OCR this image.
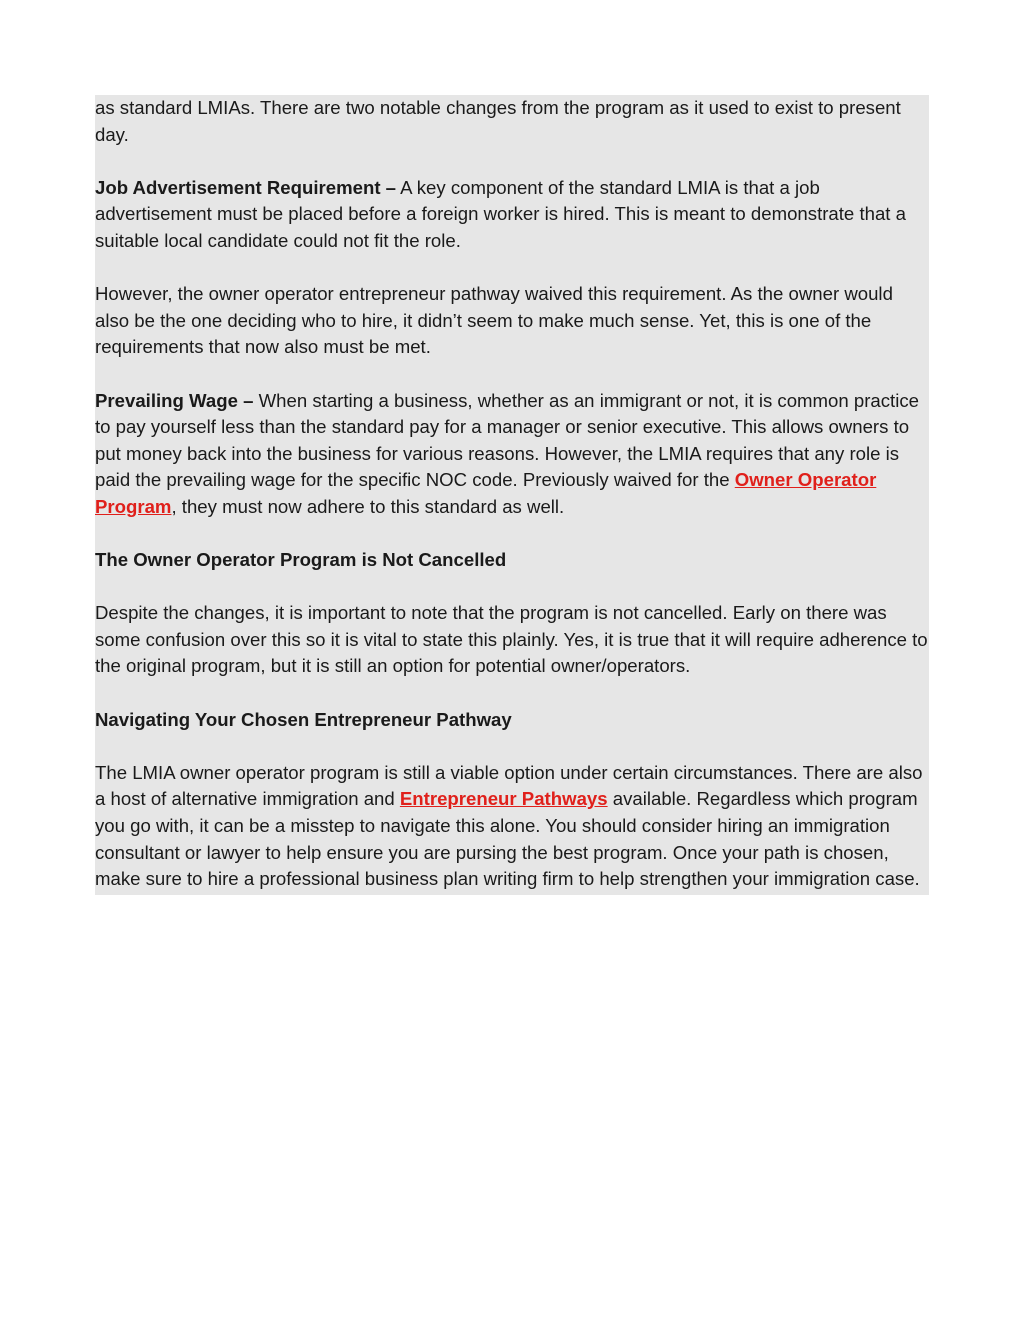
as standard LMIAs. There are two notable changes from the program as it used to exist to present day.

Job Advertisement Requirement – A key component of the standard LMIA is that a job advertisement must be placed before a foreign worker is hired. This is meant to demonstrate that a suitable local candidate could not fit the role.

However, the owner operator entrepreneur pathway waived this requirement. As the owner would also be the one deciding who to hire, it didn’t seem to make much sense. Yet, this is one of the requirements that now also must be met.

Prevailing Wage – When starting a business, whether as an immigrant or not, it is common practice to pay yourself less than the standard pay for a manager or senior executive. This allows owners to put money back into the business for various reasons. However, the LMIA requires that any role is paid the prevailing wage for the specific NOC code. Previously waived for the Owner Operator Program, they must now adhere to this standard as well.

The Owner Operator Program is Not Cancelled

Despite the changes, it is important to note that the program is not cancelled. Early on there was some confusion over this so it is vital to state this plainly. Yes, it is true that it will require adherence to the original program, but it is still an option for potential owner/operators.

Navigating Your Chosen Entrepreneur Pathway

The LMIA owner operator program is still a viable option under certain circumstances. There are also a host of alternative immigration and Entrepreneur Pathways available. Regardless which program you go with, it can be a misstep to navigate this alone. You should consider hiring an immigration consultant or lawyer to help ensure you are pursing the best program. Once your path is chosen, make sure to hire a professional business plan writing firm to help strengthen your immigration case.
